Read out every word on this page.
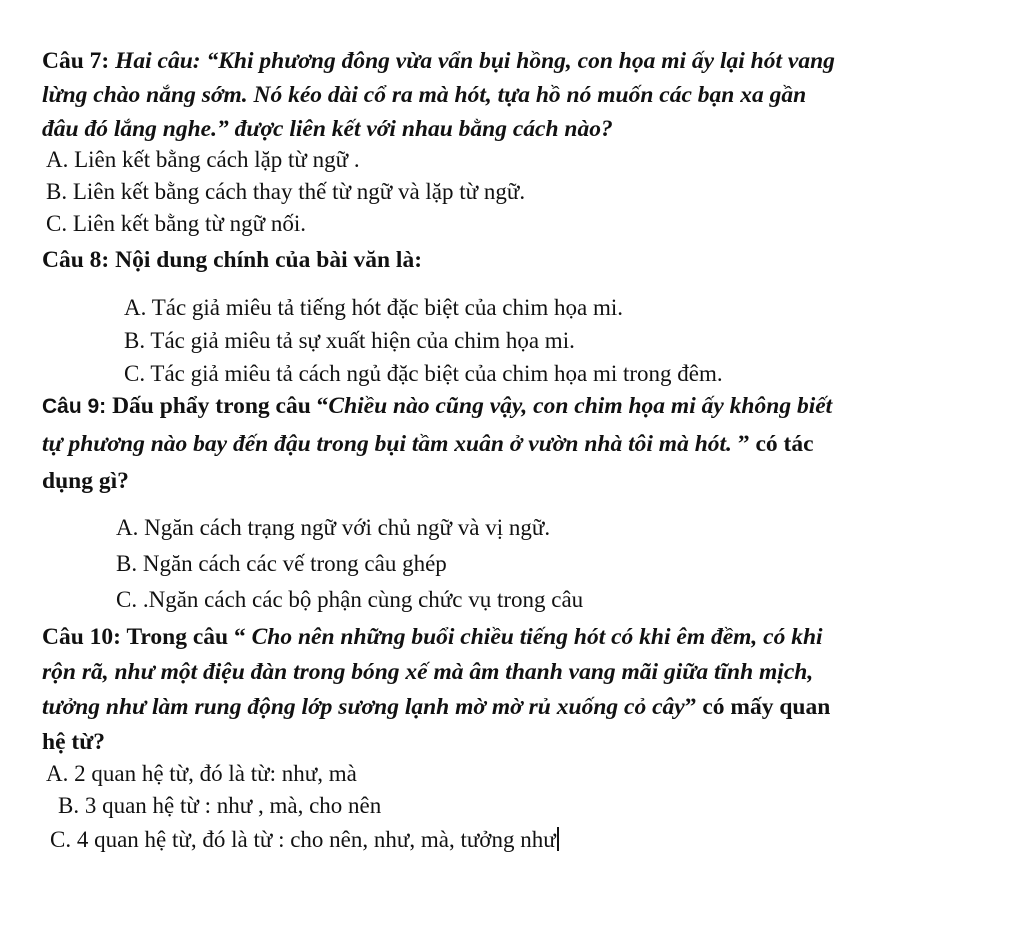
Câu 7: Hai câu: “Khi phương đông vừa vẩn bụi hồng, con họa mi ấy lại hót vang
lừng chào nắng sớm. Nó kéo dài cổ ra mà hót, tựa hồ nó muốn các bạn xa gần
đâu đó lắng nghe.” được liên kết với nhau bằng cách nào?
A. Liên kết bằng cách lặp từ ngữ .
B. Liên kết bằng cách thay thế từ ngữ và lặp từ ngữ.
C. Liên kết bằng từ ngữ nối.
Câu 8: Nội dung chính của bài văn là:
A. Tác giả miêu tả tiếng hót đặc biệt của chim họa mi.
B. Tác giả miêu tả sự xuất hiện của chim họa mi.
C. Tác giả miêu tả cách ngủ đặc biệt của chim họa mi trong đêm.
Câu 9: Dấu phẩy trong câu “Chiều nào cũng vậy, con chim họa mi ấy không biết
tự phương nào bay đến đậu trong bụi tầm xuân ở vườn nhà tôi mà hót. ” có tác
dụng gì?
A. Ngăn cách trạng ngữ với chủ ngữ và vị ngữ.
B. Ngăn cách các vế trong câu ghép
C. .Ngăn cách các bộ phận cùng chức vụ trong câu
Câu 10: Trong câu “ Cho nên những buổi chiều tiếng hót có khi êm đềm, có khi
rộn rã, như một điệu đàn trong bóng xế mà âm thanh vang mãi giữa tĩnh mịch,
tưởng như làm rung động lớp sương lạnh mờ mờ rủ xuống cỏ cây” có mấy quan
hệ từ?
A. 2 quan hệ từ, đó là từ: như, mà
B. 3 quan hệ từ : như , mà, cho nên
C. 4 quan hệ từ, đó là từ : cho nên, như, mà, tưởng như
